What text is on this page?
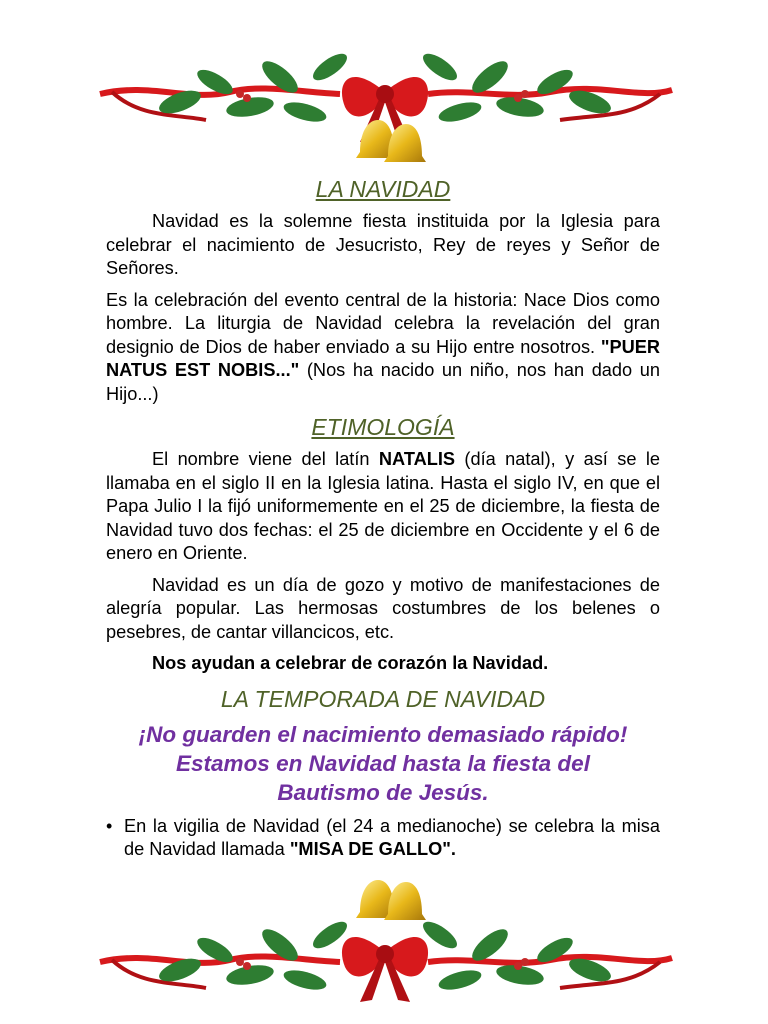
LA NAVIDAD

Navidad es la solemne fiesta instituida por la Iglesia para celebrar el nacimiento de Jesucristo, Rey de reyes y Señor de Señores.

Es la celebración del evento central de la historia: Nace Dios como hombre. La liturgia de Navidad celebra la revelación del gran designio de Dios de haber enviado a su Hijo entre nosotros. "PUER NATUS EST NOBIS..." (Nos ha nacido un niño, nos han dado un Hijo...)

ETIMOLOGÍA

El nombre viene del latín NATALIS (día natal), y así se le llamaba en el siglo II en la Iglesia latina. Hasta el siglo IV, en que el Papa Julio I la fijó uniformemente en el 25 de diciembre, la fiesta de Navidad tuvo dos fechas: el 25 de diciembre en Occidente y el 6 de enero en Oriente.

Navidad es un día de gozo y motivo de manifestaciones de alegría popular. Las hermosas costumbres de los belenes o pesebres, de cantar villancicos, etc.

Nos ayudan a celebrar de corazón la Navidad.

LA TEMPORADA DE NAVIDAD
¡No guarden el nacimiento demasiado rápido!
Estamos en Navidad hasta la fiesta del
Bautismo de Jesús.
• En la vigilia de Navidad (el 24 a medianoche) se celebra la misa de Navidad llamada "MISA DE GALLO".
